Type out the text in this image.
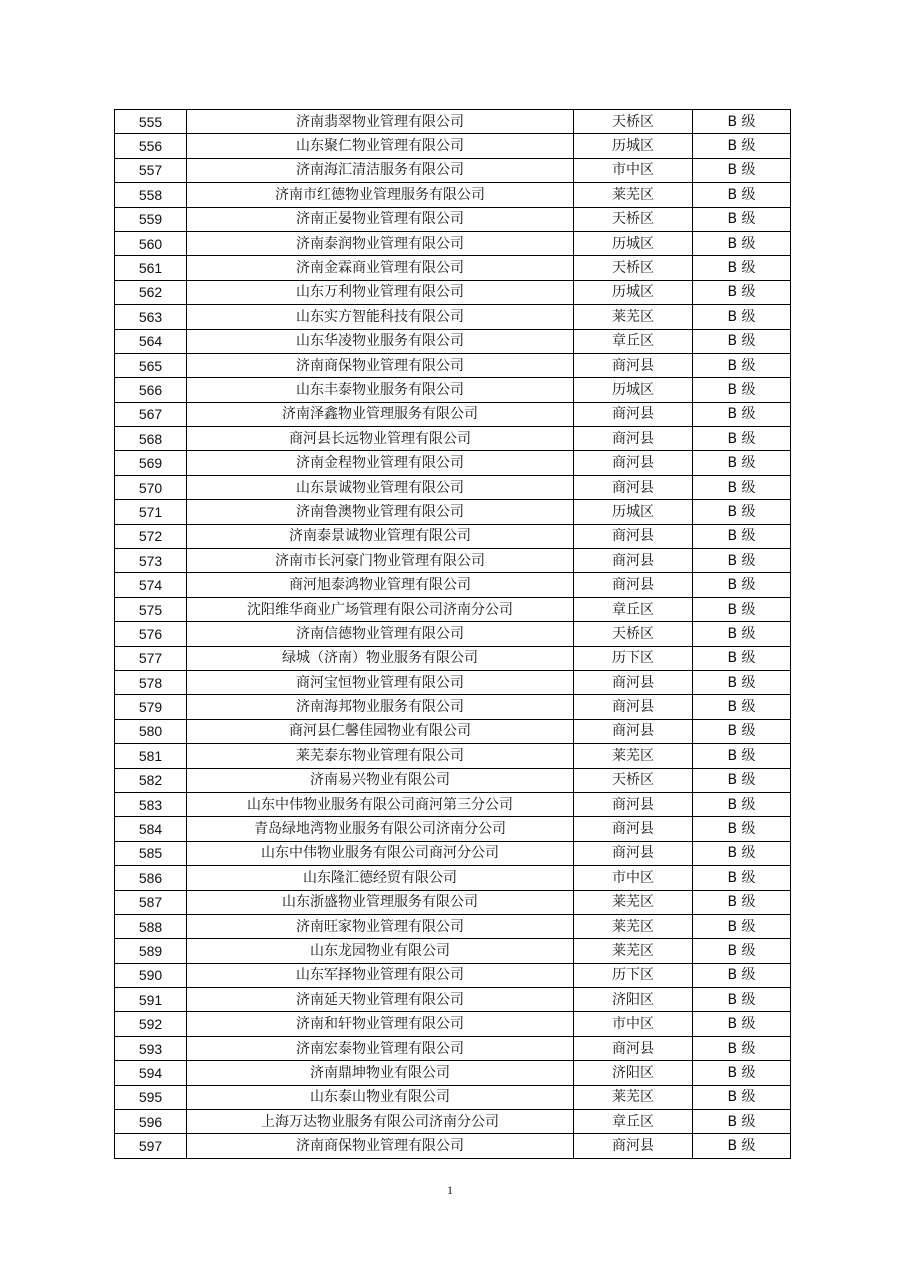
555	济南翡翠物业管理有限公司	天桥区	B 级
556	山东聚仁物业管理有限公司	历城区	B 级
557	济南海汇清洁服务有限公司	市中区	B 级
558	济南市红德物业管理服务有限公司	莱芜区	B 级
559	济南正晏物业管理有限公司	天桥区	B 级
560	济南泰润物业管理有限公司	历城区	B 级
561	济南金霖商业管理有限公司	天桥区	B 级
562	山东万利物业管理有限公司	历城区	B 级
563	山东实方智能科技有限公司	莱芜区	B 级
564	山东华凌物业服务有限公司	章丘区	B 级
565	济南商保物业管理有限公司	商河县	B 级
566	山东丰泰物业服务有限公司	历城区	B 级
567	济南泽鑫物业管理服务有限公司	商河县	B 级
568	商河县长远物业管理有限公司	商河县	B 级
569	济南金程物业管理有限公司	商河县	B 级
570	山东景诚物业管理有限公司	商河县	B 级
571	济南鲁澳物业管理有限公司	历城区	B 级
572	济南泰景诚物业管理有限公司	商河县	B 级
573	济南市长河豪门物业管理有限公司	商河县	B 级
574	商河旭泰鸿物业管理有限公司	商河县	B 级
575	沈阳维华商业广场管理有限公司济南分公司	章丘区	B 级
576	济南信德物业管理有限公司	天桥区	B 级
577	绿城（济南）物业服务有限公司	历下区	B 级
578	商河宝恒物业管理有限公司	商河县	B 级
579	济南海邦物业服务有限公司	商河县	B 级
580	商河县仁馨佳园物业有限公司	商河县	B 级
581	莱芜泰东物业管理有限公司	莱芜区	B 级
582	济南易兴物业有限公司	天桥区	B 级
583	山东中伟物业服务有限公司商河第三分公司	商河县	B 级
584	青岛绿地湾物业服务有限公司济南分公司	商河县	B 级
585	山东中伟物业服务有限公司商河分公司	商河县	B 级
586	山东隆汇德经贸有限公司	市中区	B 级
587	山东浙盛物业管理服务有限公司	莱芜区	B 级
588	济南旺家物业管理有限公司	莱芜区	B 级
589	山东龙园物业有限公司	莱芜区	B 级
590	山东军择物业管理有限公司	历下区	B 级
591	济南延天物业管理有限公司	济阳区	B 级
592	济南和轩物业管理有限公司	市中区	B 级
593	济南宏泰物业管理有限公司	商河县	B 级
594	济南鼎坤物业有限公司	济阳区	B 级
595	山东泰山物业有限公司	莱芜区	B 级
596	上海万达物业服务有限公司济南分公司	章丘区	B 级
597	济南商保物业管理有限公司	商河县	B 级
1
